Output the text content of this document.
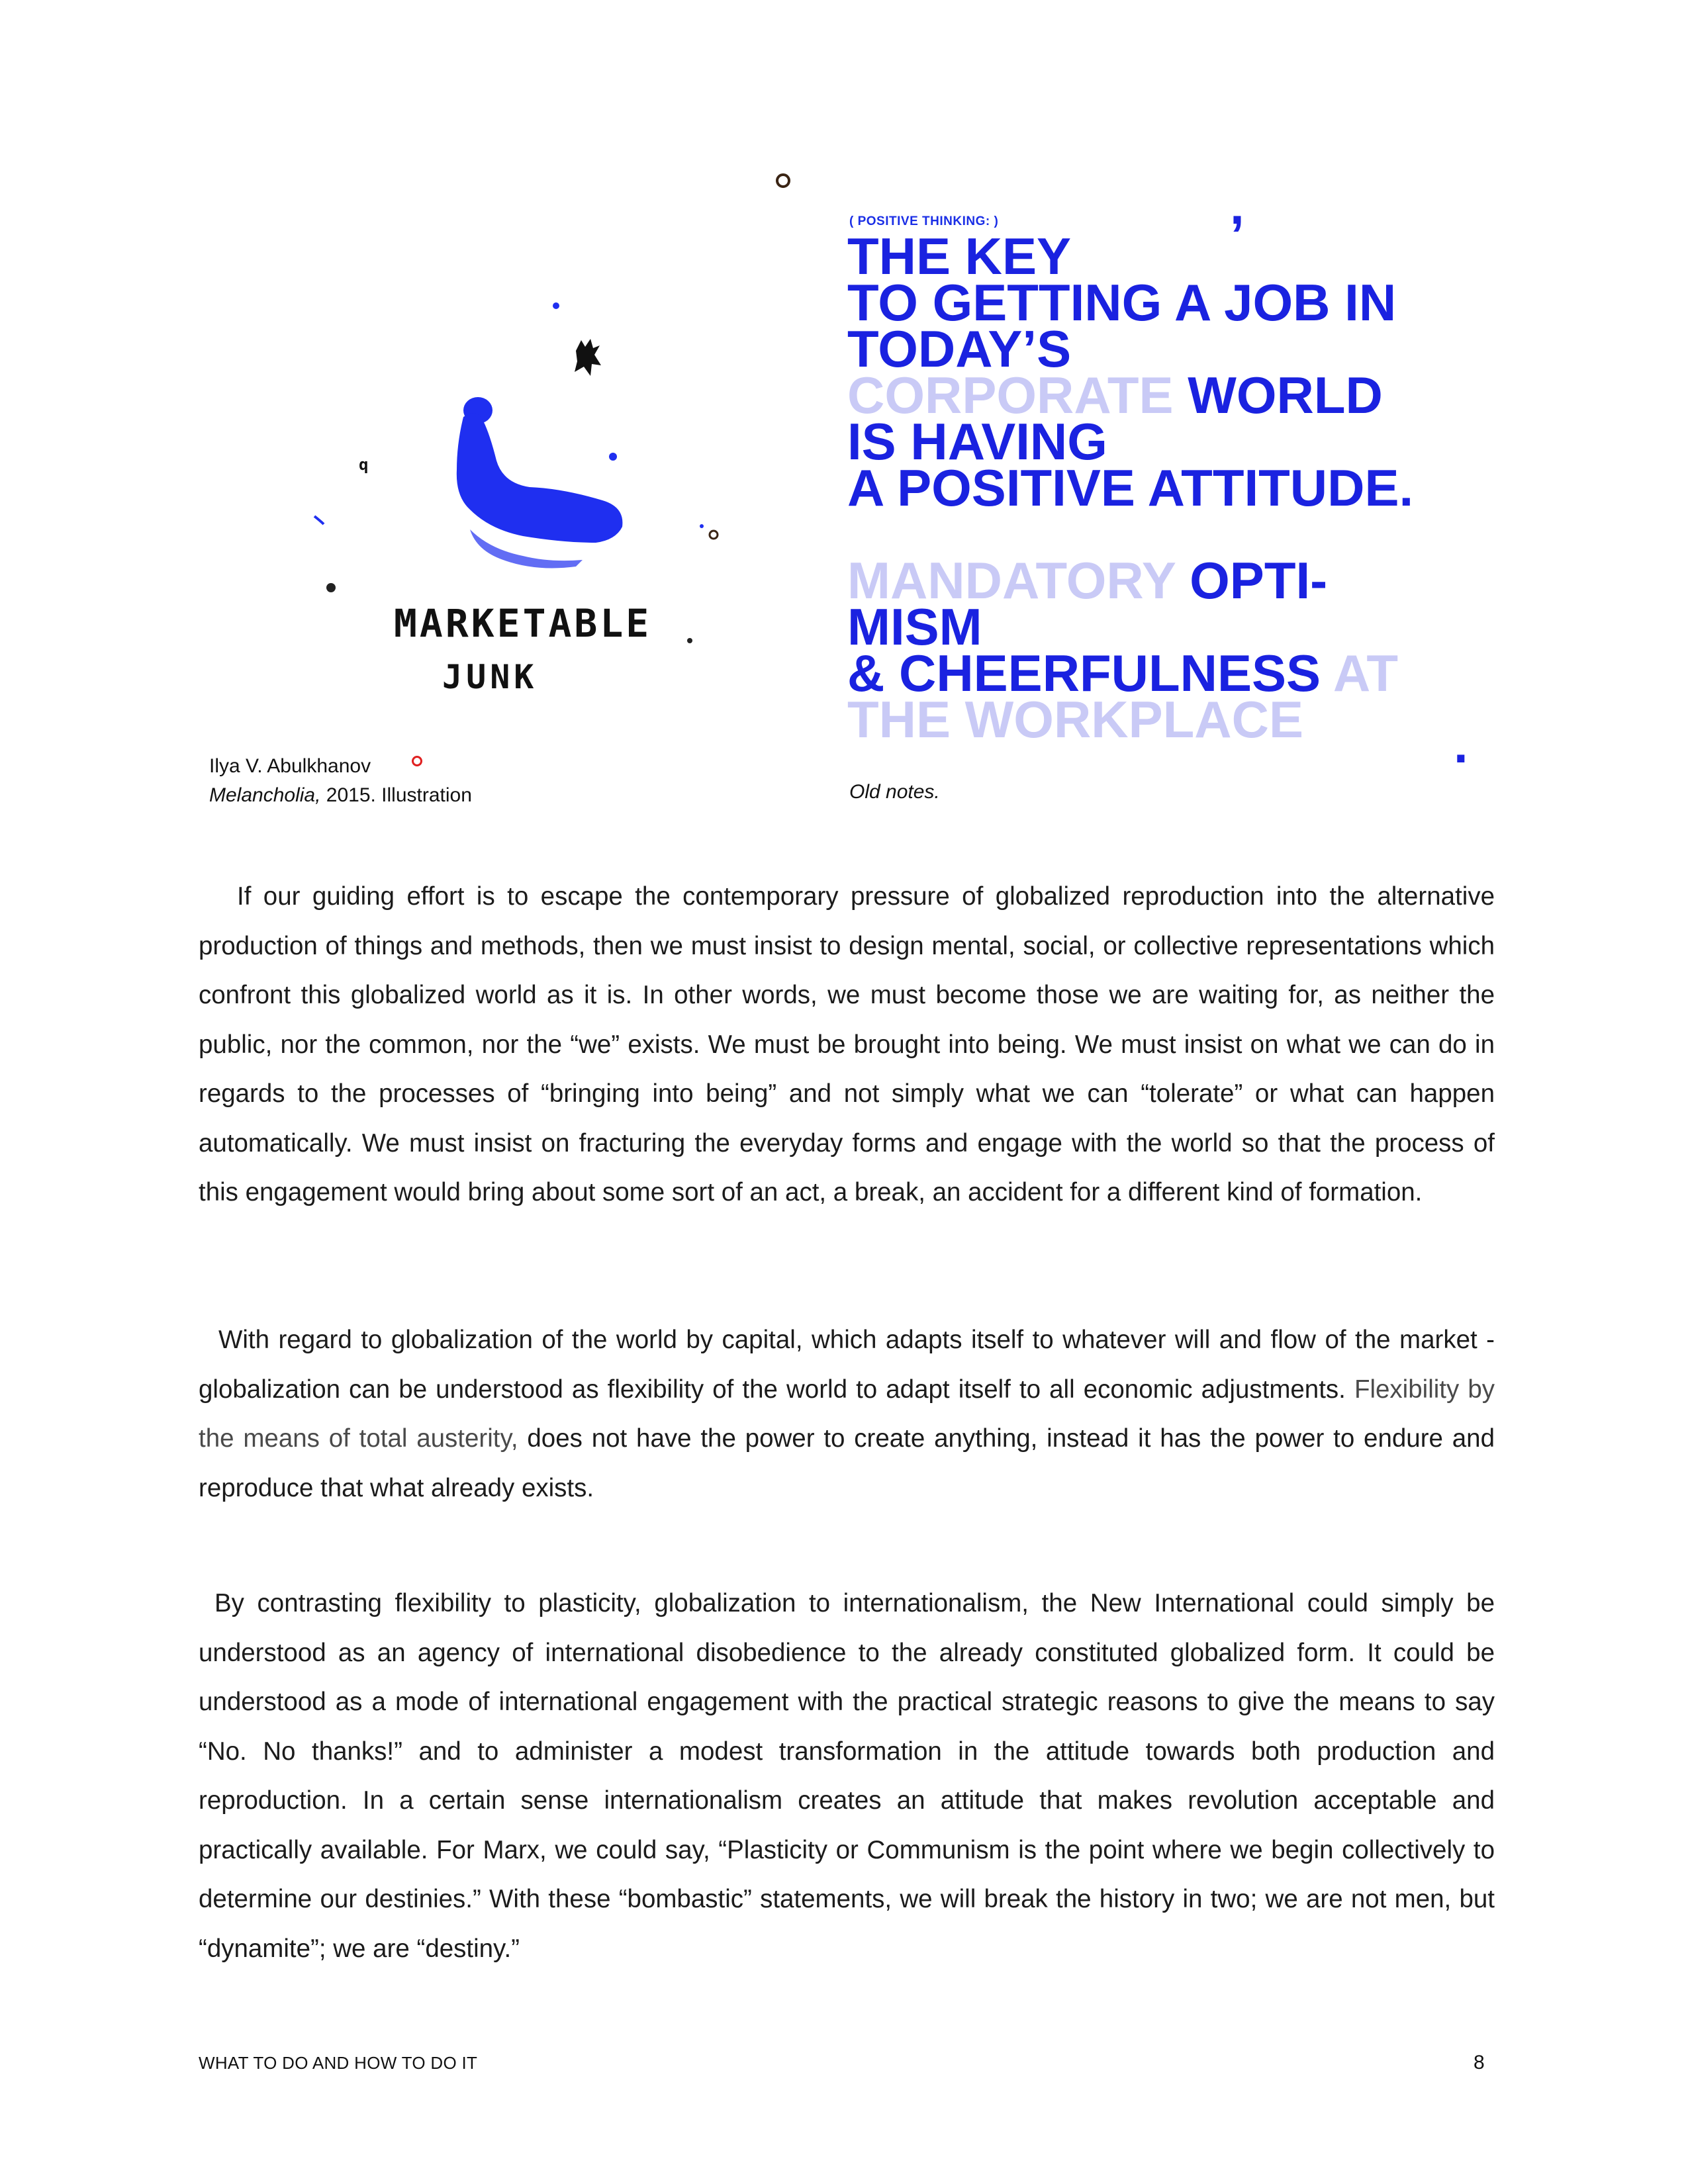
q
MARKETABLE
JUNK
Ilya V. Abulkhanov
Melancholia, 2015. Illustration
( POSITIVE THINKING: )	,
THE KEY
TO GETTING A JOB IN
TODAY’S
CORPORATE WORLD
IS HAVING
A POSITIVE ATTITUDE.
MANDATORY OPTI-
MISM
& CHEERFULNESS AT
THE WORKPLACE	.
Old notes.

If our guiding effort is to escape the contemporary pressure of globalized reproduction into the alternative production of things and methods, then we must insist to design mental, social, or collective representations which confront this globalized world as it is. In other words, we must become those we are waiting for, as neither the public, nor the common, nor the “we” exists. We must be brought into being. We must insist on what we can do in regards to the processes of “bringing into being” and not simply what we can “tolerate” or what can happen automatically. We must insist on fracturing the everyday forms and engage with the world so that the process of this engagement would bring about some sort of an act, a break, an accident for a different kind of formation.

With regard to globalization of the world by capital, which adapts itself to whatever will and flow of the market - globalization can be understood as flexibility of the world to adapt itself to all economic adjustments. Flexibility by the means of total austerity, does not have the power to create anything, instead it has the power to endure and reproduce that what already exists.

By contrasting flexibility to plasticity, globalization to internationalism, the New International could simply be understood as an agency of international disobedience to the already constituted globalized form. It could be understood as a mode of international engagement with the practical strategic reasons to give the means to say “No. No thanks!” and to administer a modest transformation in the attitude towards both production and reproduction. In a certain sense internationalism creates an attitude that makes revolution acceptable and practically available. For Marx, we could say, “Plasticity or Communism is the point where we begin collectively to determine our destinies.” With these “bombastic” statements, we will break the history in two; we are not men, but “dynamite”; we are “destiny.”

WHAT TO DO AND HOW TO DO IT	8
